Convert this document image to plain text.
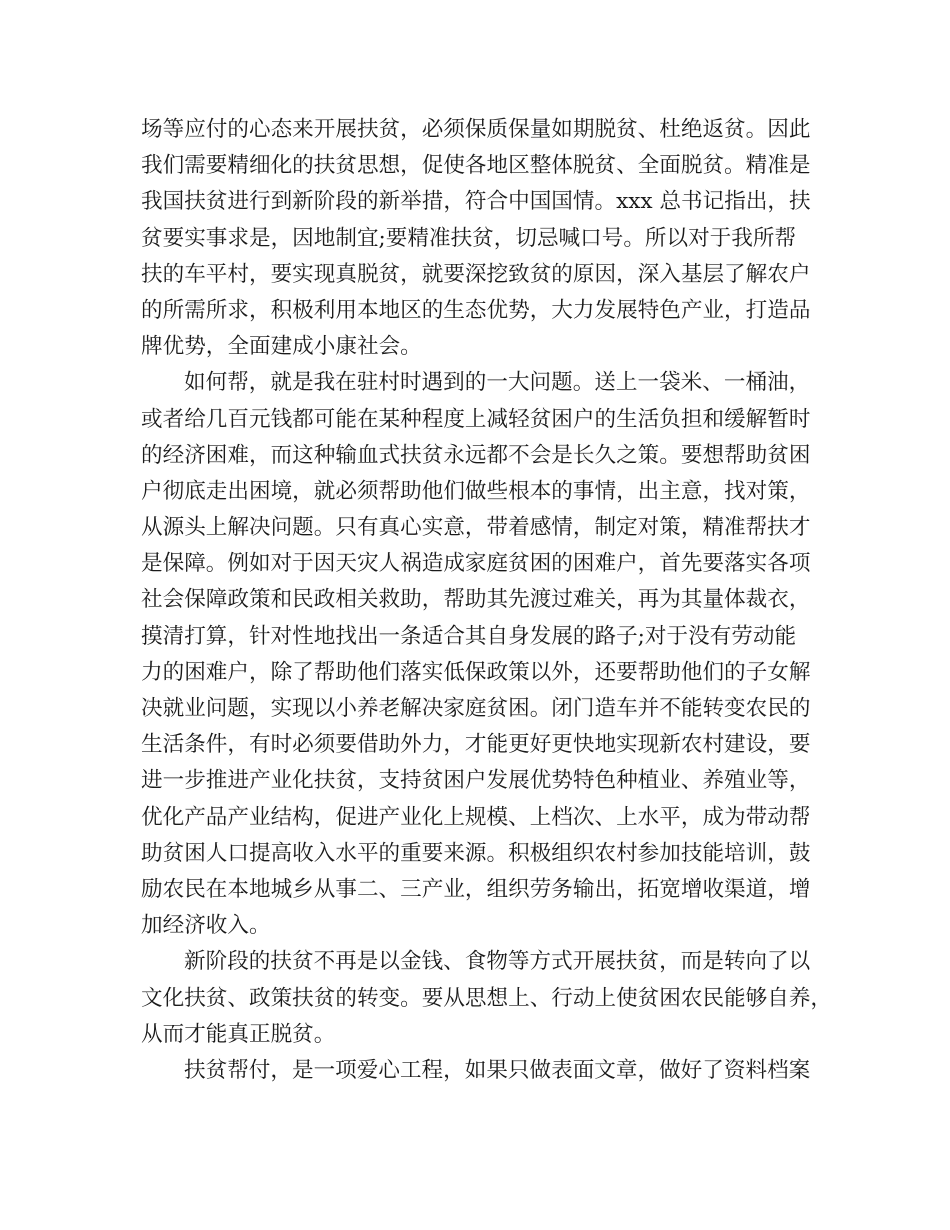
场等应付的心态来开展扶贫，必须保质保量如期脱贫、杜绝返贫。因此
我们需要精细化的扶贫思想，促使各地区整体脱贫、全面脱贫。精准是
我国扶贫进行到新阶段的新举措，符合中国国情。xxx 总书记指出，扶
贫要实事求是，因地制宜;要精准扶贫，切忌喊口号。所以对于我所帮
扶的车平村，要实现真脱贫，就要深挖致贫的原因，深入基层了解农户
的所需所求，积极利用本地区的生态优势，大力发展特色产业，打造品
牌优势，全面建成小康社会。
如何帮，就是我在驻村时遇到的一大问题。送上一袋米、一桶油，
或者给几百元钱都可能在某种程度上减轻贫困户的生活负担和缓解暂时
的经济困难，而这种输血式扶贫永远都不会是长久之策。要想帮助贫困
户彻底走出困境，就必须帮助他们做些根本的事情，出主意，找对策，
从源头上解决问题。只有真心实意，带着感情，制定对策，精准帮扶才
是保障。例如对于因天灾人祸造成家庭贫困的困难户，首先要落实各项
社会保障政策和民政相关救助，帮助其先渡过难关，再为其量体裁衣，
摸清打算，针对性地找出一条适合其自身发展的路子;对于没有劳动能
力的困难户，除了帮助他们落实低保政策以外，还要帮助他们的子女解
决就业问题，实现以小养老解决家庭贫困。闭门造车并不能转变农民的
生活条件，有时必须要借助外力，才能更好更快地实现新农村建设，要
进一步推进产业化扶贫，支持贫困户发展优势特色种植业、养殖业等，
优化产品产业结构，促进产业化上规模、上档次、上水平，成为带动帮
助贫困人口提高收入水平的重要来源。积极组织农村参加技能培训，鼓
励农民在本地城乡从事二、三产业，组织劳务输出，拓宽增收渠道，增
加经济收入。
新阶段的扶贫不再是以金钱、食物等方式开展扶贫，而是转向了以
文化扶贫、政策扶贫的转变。要从思想上、行动上使贫困农民能够自养，
从而才能真正脱贫。
扶贫帮付，是一项爱心工程，如果只做表面文章，做好了资料档案
